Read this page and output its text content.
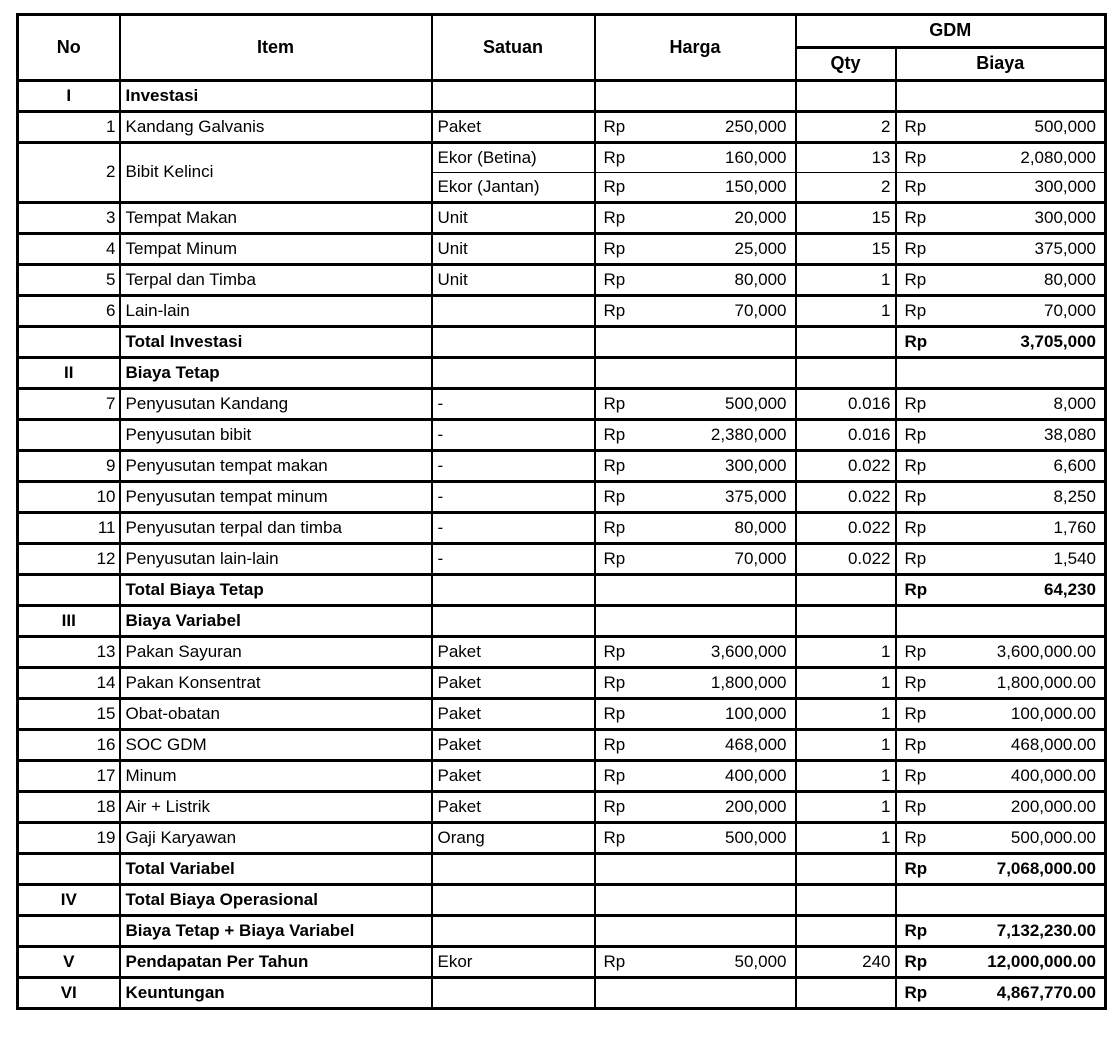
No	Item	Satuan	Harga	GDM	
				Qty	Biaya
I	Investasi				
1	Kandang Galvanis	Paket	Rp 250,000	2	Rp 500,000
2	Bibit Kelinci	Ekor (Betina)	Rp 160,000	13	Rp 2,080,000
		Ekor (Jantan)	Rp 150,000	2	Rp 300,000
3	Tempat Makan	Unit	Rp 20,000	15	Rp 300,000
4	Tempat Minum	Unit	Rp 25,000	15	Rp 375,000
5	Terpal dan Timba	Unit	Rp 80,000	1	Rp 80,000
6	Lain-lain		Rp 70,000	1	Rp 70,000
	Total Investasi				Rp 3,705,000
II	Biaya Tetap				
7	Penyusutan Kandang	-	Rp 500,000	0.016	Rp 8,000
	Penyusutan bibit	-	Rp 2,380,000	0.016	Rp 38,080
9	Penyusutan tempat makan	-	Rp 300,000	0.022	Rp 6,600
10	Penyusutan tempat minum	-	Rp 375,000	0.022	Rp 8,250
11	Penyusutan terpal dan timba	-	Rp 80,000	0.022	Rp 1,760
12	Penyusutan lain-lain	-	Rp 70,000	0.022	Rp 1,540
	Total Biaya Tetap				Rp 64,230
III	Biaya Variabel				
13	Pakan Sayuran	Paket	Rp 3,600,000	1	Rp 3,600,000.00
14	Pakan Konsentrat	Paket	Rp 1,800,000	1	Rp 1,800,000.00
15	Obat-obatan	Paket	Rp 100,000	1	Rp 100,000.00
16	SOC GDM	Paket	Rp 468,000	1	Rp 468,000.00
17	Minum	Paket	Rp 400,000	1	Rp 400,000.00
18	Air + Listrik	Paket	Rp 200,000	1	Rp 200,000.00
19	Gaji Karyawan	Orang	Rp 500,000	1	Rp 500,000.00
	Total Variabel				Rp 7,068,000.00
IV	Total Biaya Operasional				
	Biaya Tetap + Biaya Variabel				Rp 7,132,230.00
V	Pendapatan Per Tahun	Ekor	Rp 50,000	240	Rp 12,000,000.00
VI	Keuntungan				Rp 4,867,770.00
